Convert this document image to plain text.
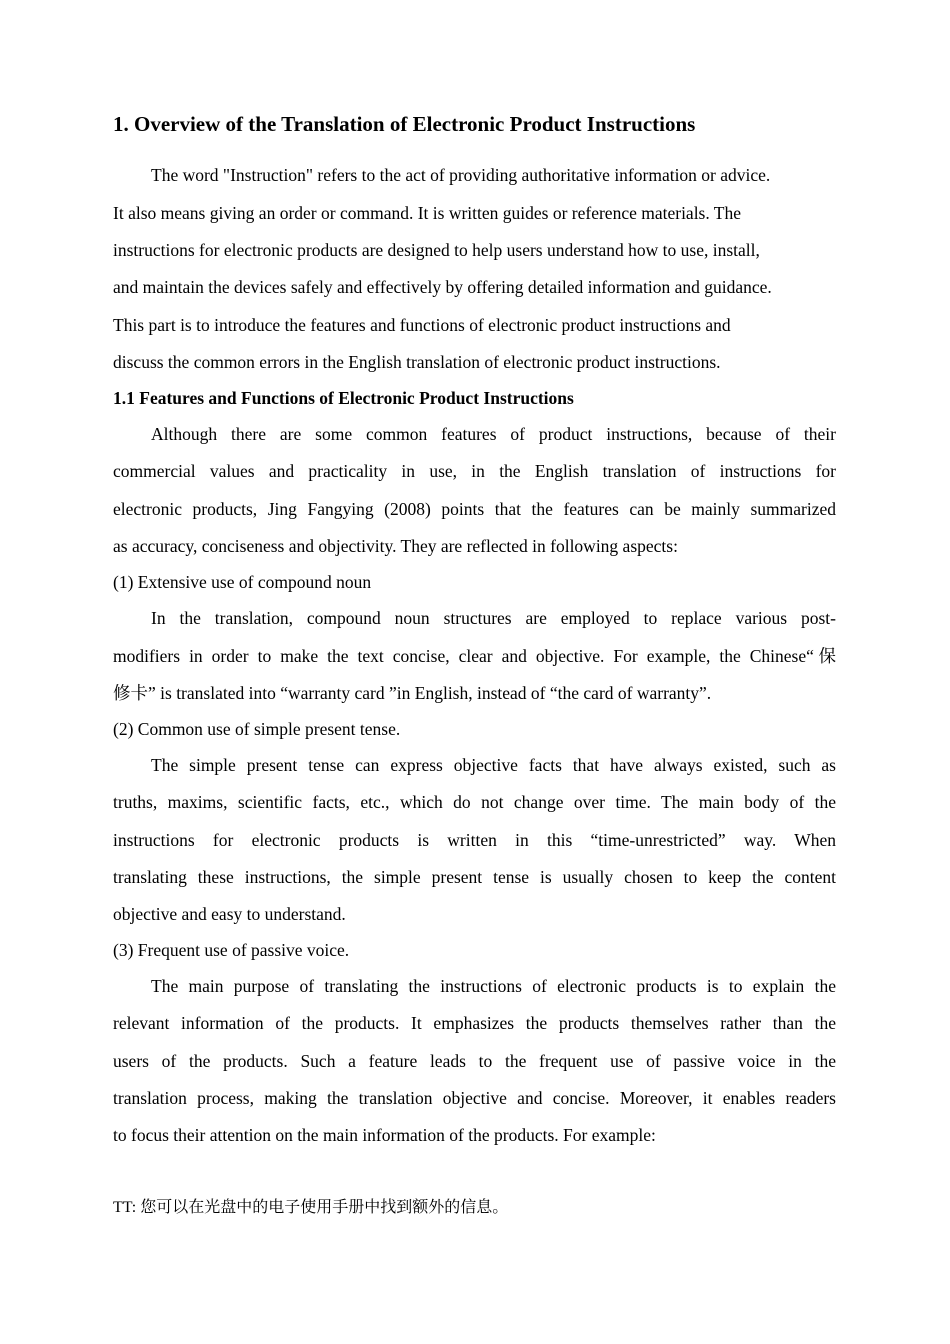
1. Overview of the Translation of Electronic Product Instructions
The word "Instruction" refers to the act of providing authoritative information or advice.
It also means giving an order or command. It is written guides or reference materials. The
instructions for electronic products are designed to help users understand how to use, install,
and maintain the devices safely and effectively by offering detailed information and guidance.
This part is to introduce the features and functions of electronic product instructions and
discuss the common errors in the English translation of electronic product instructions.
1.1 Features and Functions of Electronic Product Instructions
Although there are some common features of product instructions, because of their
commercial values and practicality in use, in the English translation of instructions for
electronic products, Jing Fangying (2008) points that the features can be mainly summarized
as accuracy, conciseness and objectivity. They are reflected in following aspects:
(1) Extensive use of compound noun
In the translation, compound noun structures are employed to replace various post-
modifiers in order to make the text concise, clear and objective. For example, the Chinese“保
修卡” is translated into “warranty card ”in English, instead of “the card of warranty”.
(2) Common use of simple present tense.
The simple present tense can express objective facts that have always existed, such as
truths, maxims, scientific facts, etc., which do not change over time. The main body of the
instructions for electronic products is written in this “time-unrestricted” way. When
translating these instructions, the simple present tense is usually chosen to keep the content
objective and easy to understand.
(3) Frequent use of passive voice.
The main purpose of translating the instructions of electronic products is to explain the
relevant information of the products. It emphasizes the products themselves rather than the
users of the products. Such a feature leads to the frequent use of passive voice in the
translation process, making the translation objective and concise. Moreover, it enables readers
to focus their attention on the main information of the products. For example:
TT: 您可以在光盘中的电子使用手册中找到额外的信息。
